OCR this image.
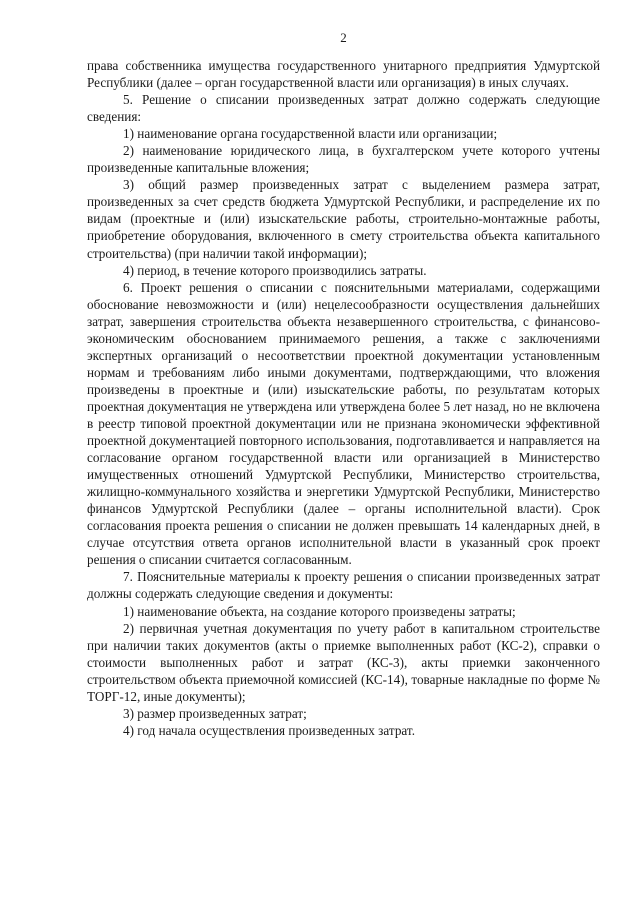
2

права собственника имущества государственного унитарного предприятия Удмуртской Республики (далее – орган государственной власти или организация) в иных случаях.

5. Решение о списании произведенных затрат должно содержать следующие сведения:

1) наименование органа государственной власти или организации;

2) наименование юридического лица, в бухгалтерском учете которого учтены произведенные капитальные вложения;

3) общий размер произведенных затрат с выделением размера затрат, произведенных за счет средств бюджета Удмуртской Республики, и распределение их по видам (проектные и (или) изыскательские работы, строительно-монтажные работы, приобретение оборудования, включенного в смету строительства объекта капитального строительства) (при наличии такой информации);

4) период, в течение которого производились затраты.

6. Проект решения о списании с пояснительными материалами, содержащими обоснование невозможности и (или) нецелесообразности осуществления дальнейших затрат, завершения строительства объекта незавершенного строительства, с финансово-экономическим обоснованием принимаемого решения, а также с заключениями экспертных организаций о несоответствии проектной документации установленным нормам и требованиям либо иными документами, подтверждающими, что вложения произведены в проектные и (или) изыскательские работы, по результатам которых проектная документация не утверждена или утверждена более 5 лет назад, но не включена в реестр типовой проектной документации или не признана экономически эффективной проектной документацией повторного использования, подготавливается и направляется на согласование органом государственной власти или организацией в Министерство имущественных отношений Удмуртской Республики, Министерство строительства, жилищно-коммунального хозяйства и энергетики Удмуртской Республики, Министерство финансов Удмуртской Республики (далее – органы исполнительной власти). Срок согласования проекта решения о списании не должен превышать 14 календарных дней, в случае отсутствия ответа органов исполнительной власти в указанный срок проект решения о списании считается согласованным.

7. Пояснительные материалы к проекту решения о списании произведенных затрат должны содержать следующие сведения и документы:

1) наименование объекта, на создание которого произведены затраты;

2) первичная учетная документация по учету работ в капитальном строительстве при наличии таких документов (акты о приемке выполненных работ (КС-2), справки о стоимости выполненных работ и затрат (КС-3), акты приемки законченного строительством объекта приемочной комиссией (КС-14), товарные накладные по форме № ТОРГ-12, иные документы);

3) размер произведенных затрат;

4) год начала осуществления произведенных затрат.
